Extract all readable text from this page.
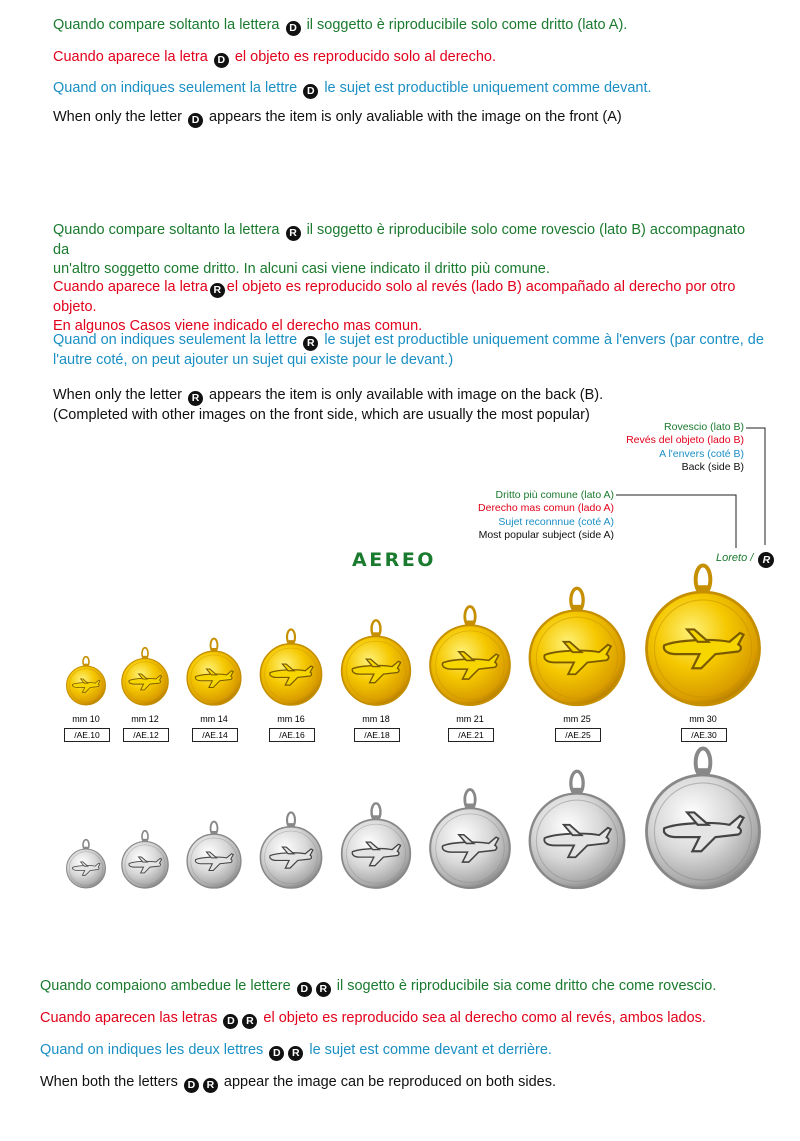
Quando compare soltanto la lettera D il soggetto è riproducibile solo come dritto (lato A).
Cuando aparece la letra D el objeto es reproducido solo al derecho.
Quand on indiques seulement la lettre D le sujet est productible uniquement comme devant.
When only the letter D appears the item is only avaliable with the image on the front (A)
Quando compare soltanto la lettera R il soggetto è riproducibile solo come rovescio (lato B) accompagnato da
un'altro soggetto come dritto. In alcuni casi viene indicato il dritto più comune.
Cuando aparece la letra R el objeto es reproducido solo al revés (lado B) acompañado al derecho por otro objeto.
En algunos Casos viene indicado el derecho mas comun.
Quand on indiques seulement la lettre R le sujet est productible uniquement comme à l'envers (par contre, de
l'autre coté, on peut ajouter un sujet qui existe pour le devant.)
When only the letter R appears the item is only available with image on the back (B).
(Completed with other images on the front side, which are usually the most popular)
Rovescio (lato B)
Revés del objeto (lado B)
A l'envers (coté B)
Back (side B)
Dritto più comune (lato A)
Derecho mas comun (lado A)
Sujet reconnnue (coté A)
Most popular subject (side A)
AEREO	Loreto / R
mm 10
/AE.10
mm 12
/AE.12
mm 14
/AE.14
mm 16
/AE.16
mm 18
/AE.18
mm 21
/AE.21
mm 25
/AE.25
mm 30
/AE.30
Quando compaiono ambedue le lettere D R il sogetto è riproducibile sia come dritto che come rovescio.
Cuando aparecen las letras D R el objeto es reproducido sea al derecho como al revés, ambos lados.
Quand on indiques les deux lettres D R le sujet est comme devant et derrière.
When both the letters D R appear the image can be reproduced on both sides.
